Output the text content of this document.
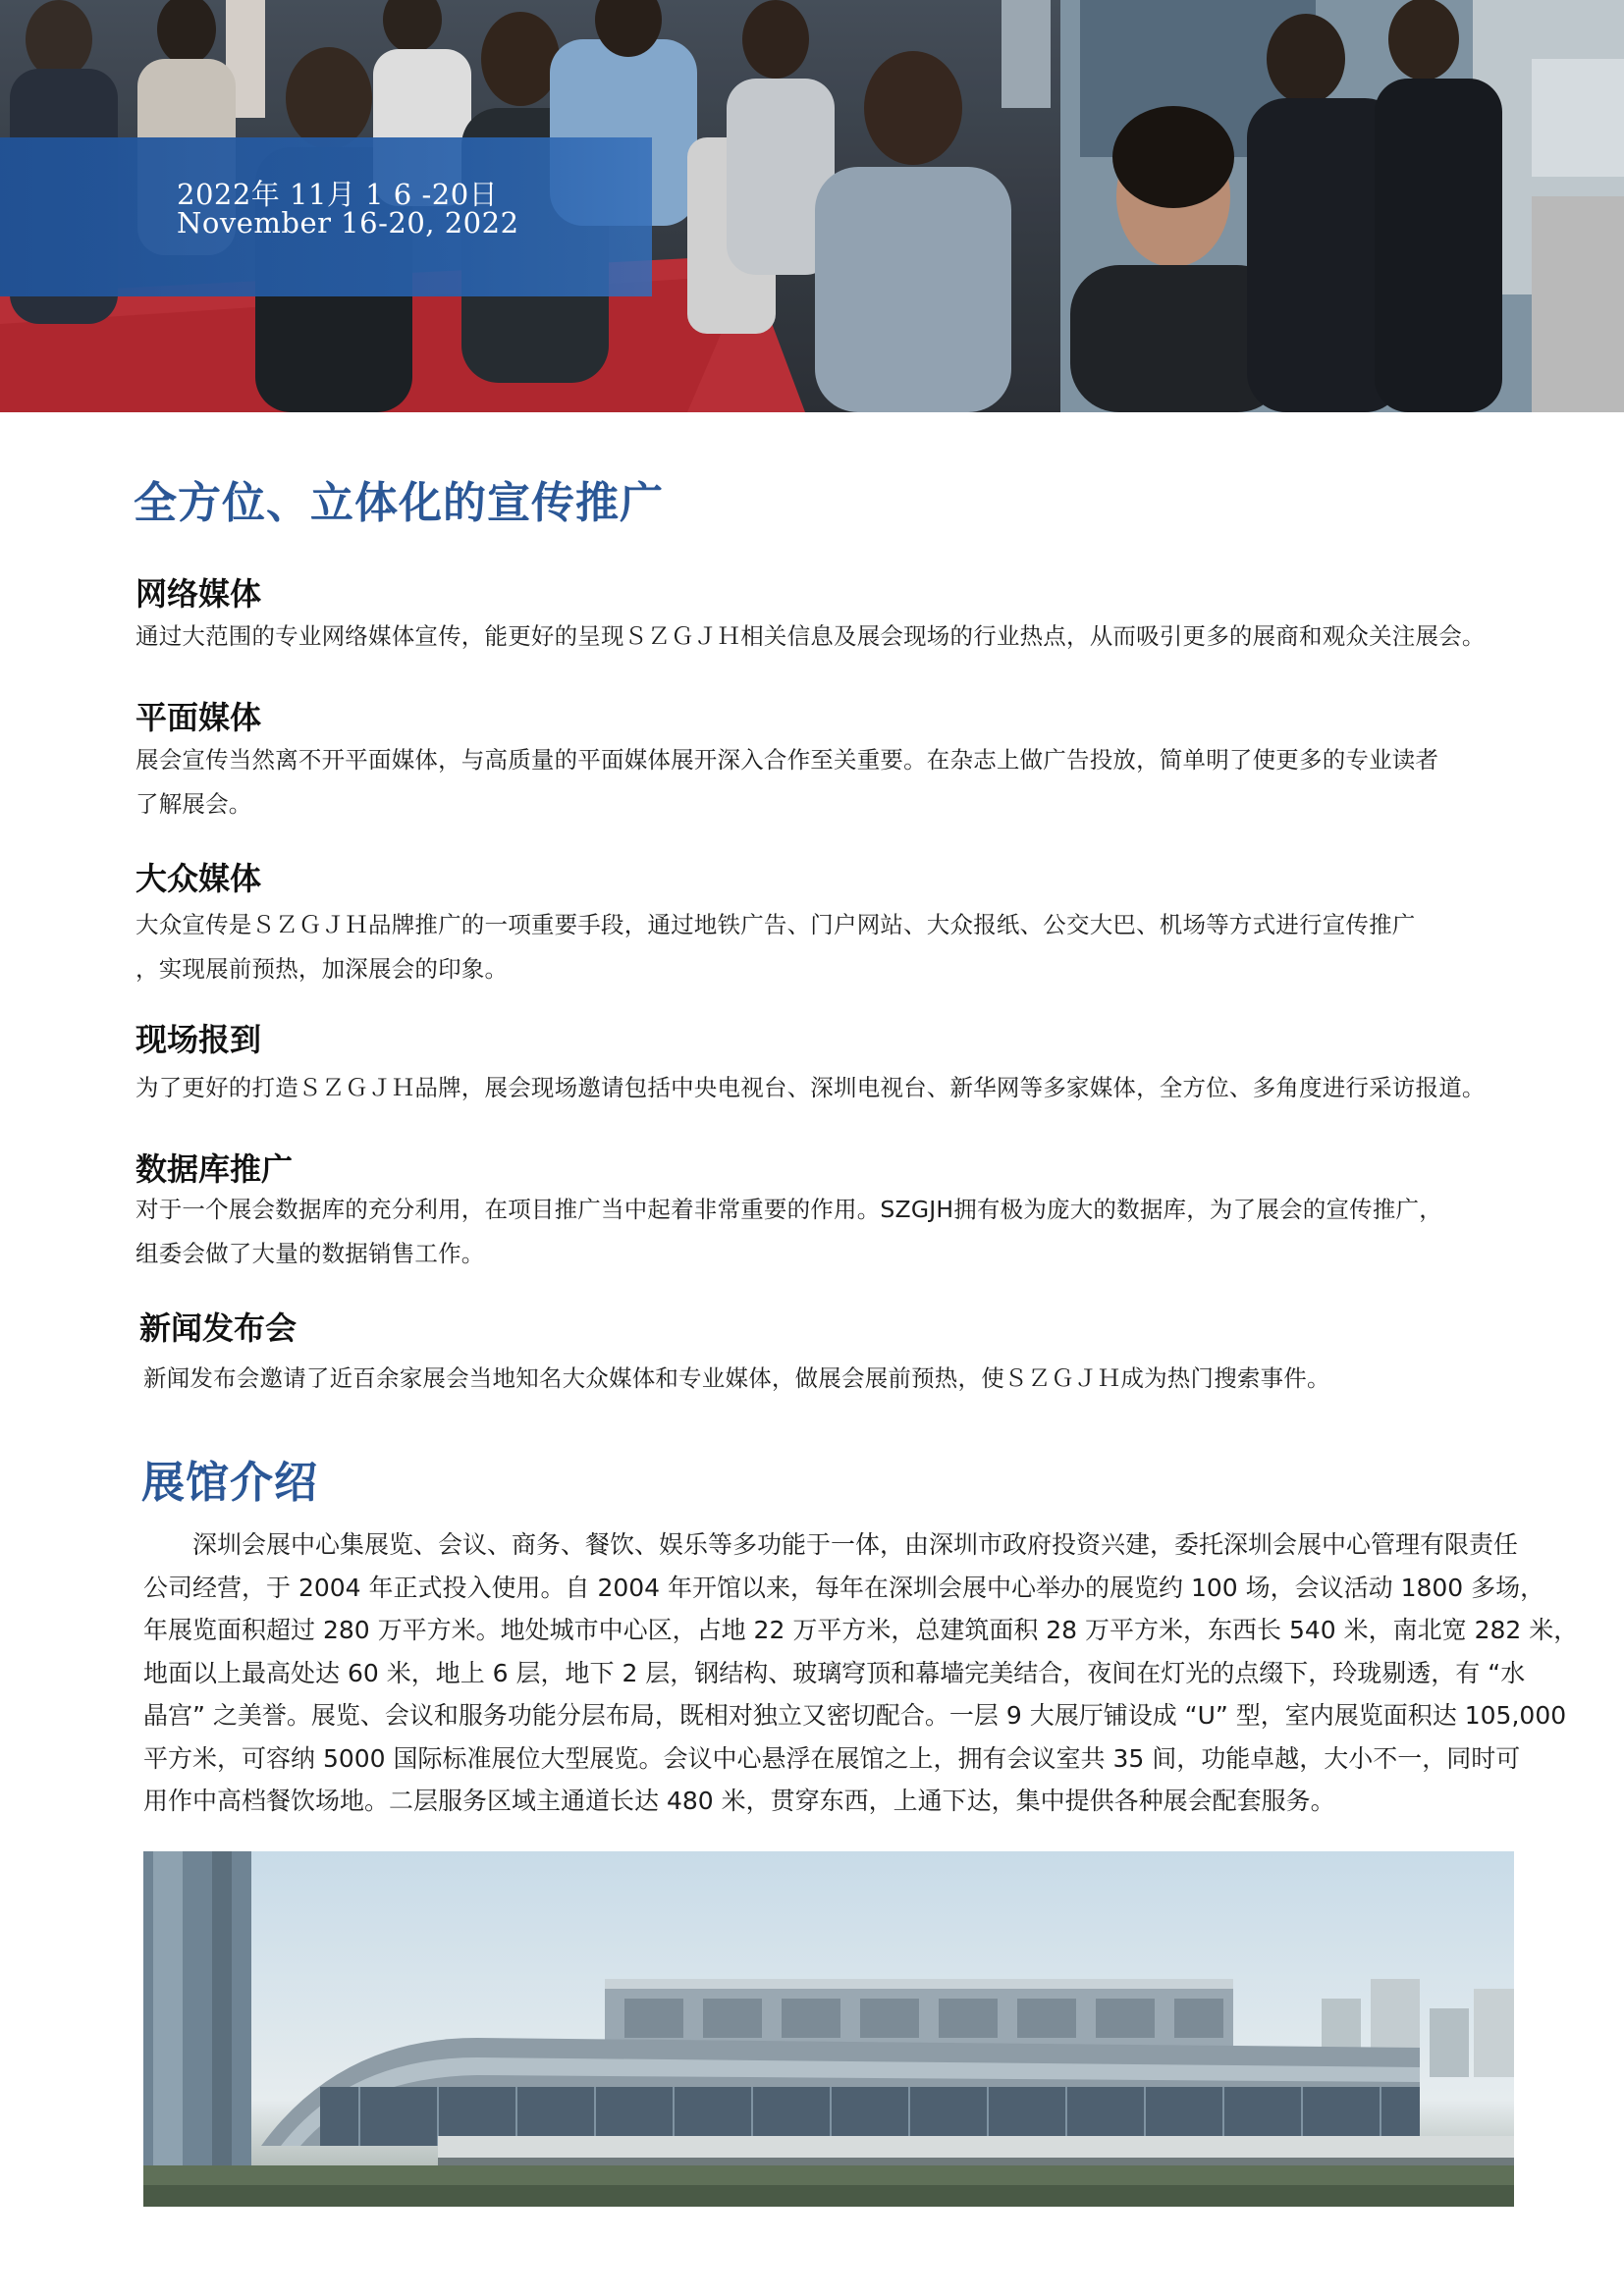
2022年 11月 1 6 -20日
November 16-20, 2022
全方位、立体化的宣传推广
网络媒体
通过大范围的专业网络媒体宣传，能更好的呈现ＳＺＧＪＨ相关信息及展会现场的行业热点，从而吸引更多的展商和观众关注展会。
平面媒体
展会宣传当然离不开平面媒体，与高质量的平面媒体展开深入合作至关重要。在杂志上做广告投放，简单明了使更多的专业读者
了解展会。
大众媒体
大众宣传是ＳＺＧＪＨ品牌推广的一项重要手段，通过地铁广告、门户网站、大众报纸、公交大巴、机场等方式进行宣传推广
，实现展前预热，加深展会的印象。
现场报到
为了更好的打造ＳＺＧＪＨ品牌，展会现场邀请包括中央电视台、深圳电视台、新华网等多家媒体，全方位、多角度进行采访报道。
数据库推广
对于一个展会数据库的充分利用，在项目推广当中起着非常重要的作用。SZGJH拥有极为庞大的数据库，为了展会的宣传推广，
组委会做了大量的数据销售工作。
新闻发布会
新闻发布会邀请了近百余家展会当地知名大众媒体和专业媒体，做展会展前预热，使ＳＺＧＪＨ成为热门搜索事件。
展馆介绍
　　深圳会展中心集展览、会议、商务、餐饮、娱乐等多功能于一体，由深圳市政府投资兴建，委托深圳会展中心管理有限责任
公司经营，于 2004 年正式投入使用。自 2004 年开馆以来，每年在深圳会展中心举办的展览约 100 场，会议活动 1800 多场，
年展览面积超过 280 万平方米。地处城市中心区，占地 22 万平方米，总建筑面积 28 万平方米，东西长 540 米，南北宽 282 米，
地面以上最高处达 60 米，地上 6 层，地下 2 层，钢结构、玻璃穹顶和幕墙完美结合，夜间在灯光的点缀下，玲珑剔透，有 “水
晶宫” 之美誉。展览、会议和服务功能分层布局，既相对独立又密切配合。一层 9 大展厅铺设成 “U” 型，室内展览面积达 105,000
平方米，可容纳 5000 国际标准展位大型展览。会议中心悬浮在展馆之上，拥有会议室共 35 间，功能卓越，大小不一，同时可
用作中高档餐饮场地。二层服务区域主通道长达 480 米，贯穿东西，上通下达，集中提供各种展会配套服务。
